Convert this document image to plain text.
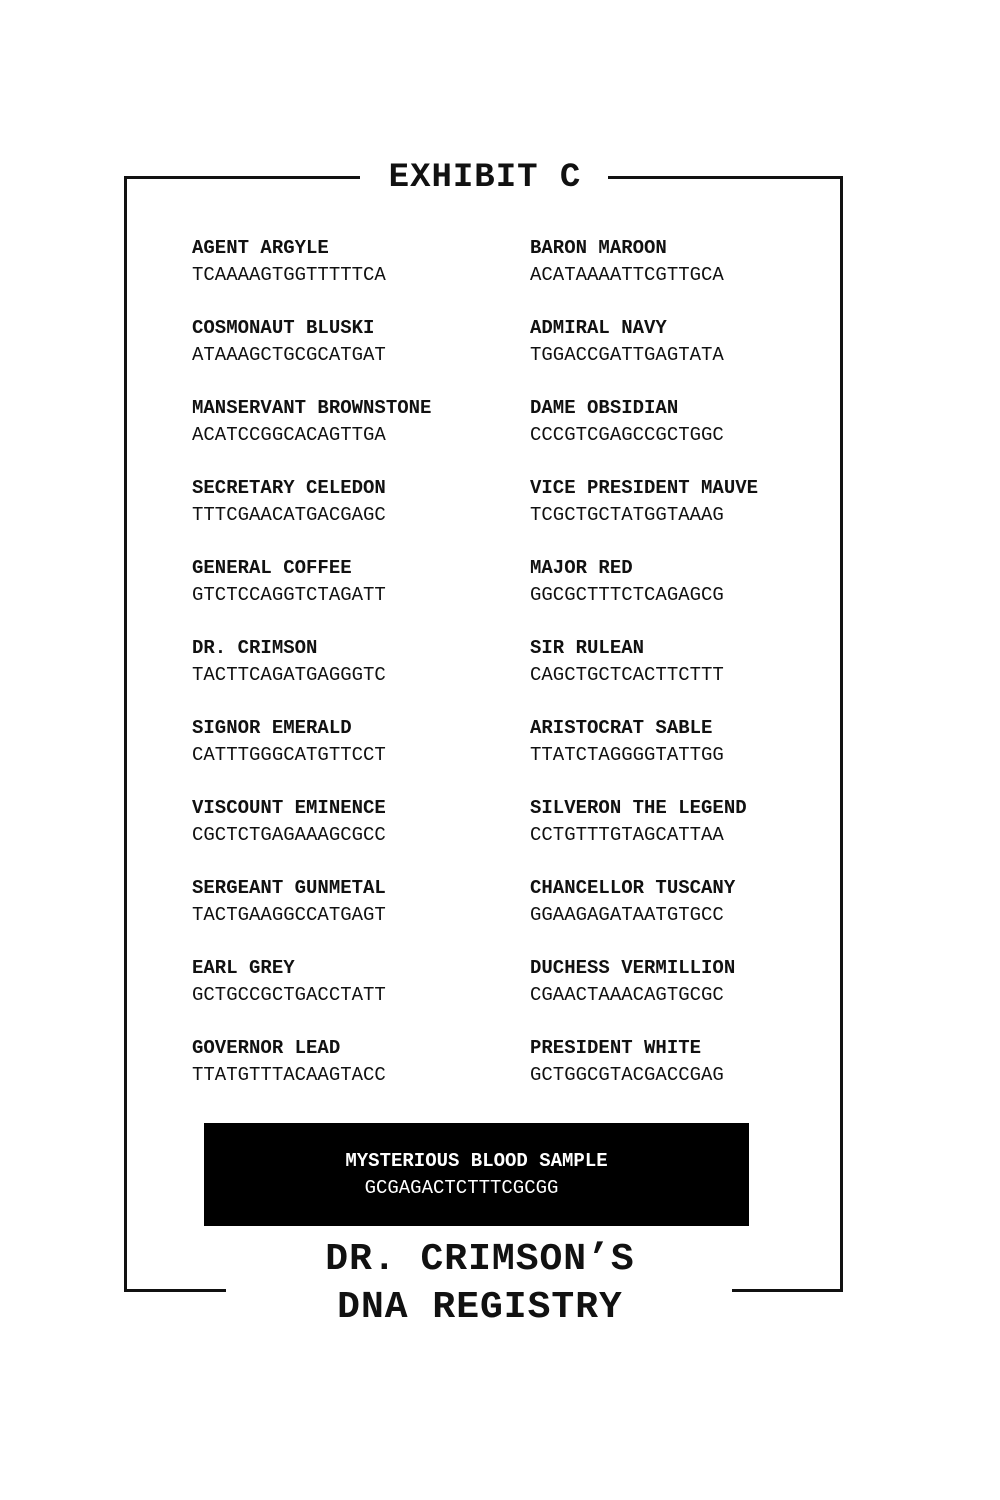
EXHIBIT C
AGENT ARGYLE
TCAAAAGTGGTTTTTCA
BARON MAROON
ACATAAAATTCGTTGCA
COSMONAUT BLUSKI
ATAAAGCTGCGCATGAT
ADMIRAL NAVY
TGGACCGATTGAGTATA
MANSERVANT BROWNSTONE
ACATCCGGCACAGTTGA
DAME OBSIDIAN
CCCGTCGAGCCGCTGGC
SECRETARY CELEDON
TTTCGAACATGACGAGC
VICE PRESIDENT MAUVE
TCGCTGCTATGGTAAAG
GENERAL COFFEE
GTCTCCAGGTCTAGATT
MAJOR RED
GGCGCTTTCTCAGAGCG
DR. CRIMSON
TACTTCAGATGAGGGTC
SIR RULEAN
CAGCTGCTCACTTCTTT
SIGNOR EMERALD
CATTTGGGCATGTTCCT
ARISTOCRAT SABLE
TTATCTAGGGGTATTGG
VISCOUNT EMINENCE
CGCTCTGAGAAAGCGCC
SILVERON THE LEGEND
CCTGTTTGTAGCATTAA
SERGEANT GUNMETAL
TACTGAAGGCCATGAGT
CHANCELLOR TUSCANY
GGAAGAGATAATGTGCC
EARL GREY
GCTGCCGCTGACCTATT
DUCHESS VERMILLION
CGAACTAAACAGTGCGC
GOVERNOR LEAD
TTATGTTTACAAGTACC
PRESIDENT WHITE
GCTGGCGTACGACCGAG
MYSTERIOUS BLOOD SAMPLE
GCGAGACTCTTTCGCGG
DR. CRIMSON’S
DNA REGISTRY
